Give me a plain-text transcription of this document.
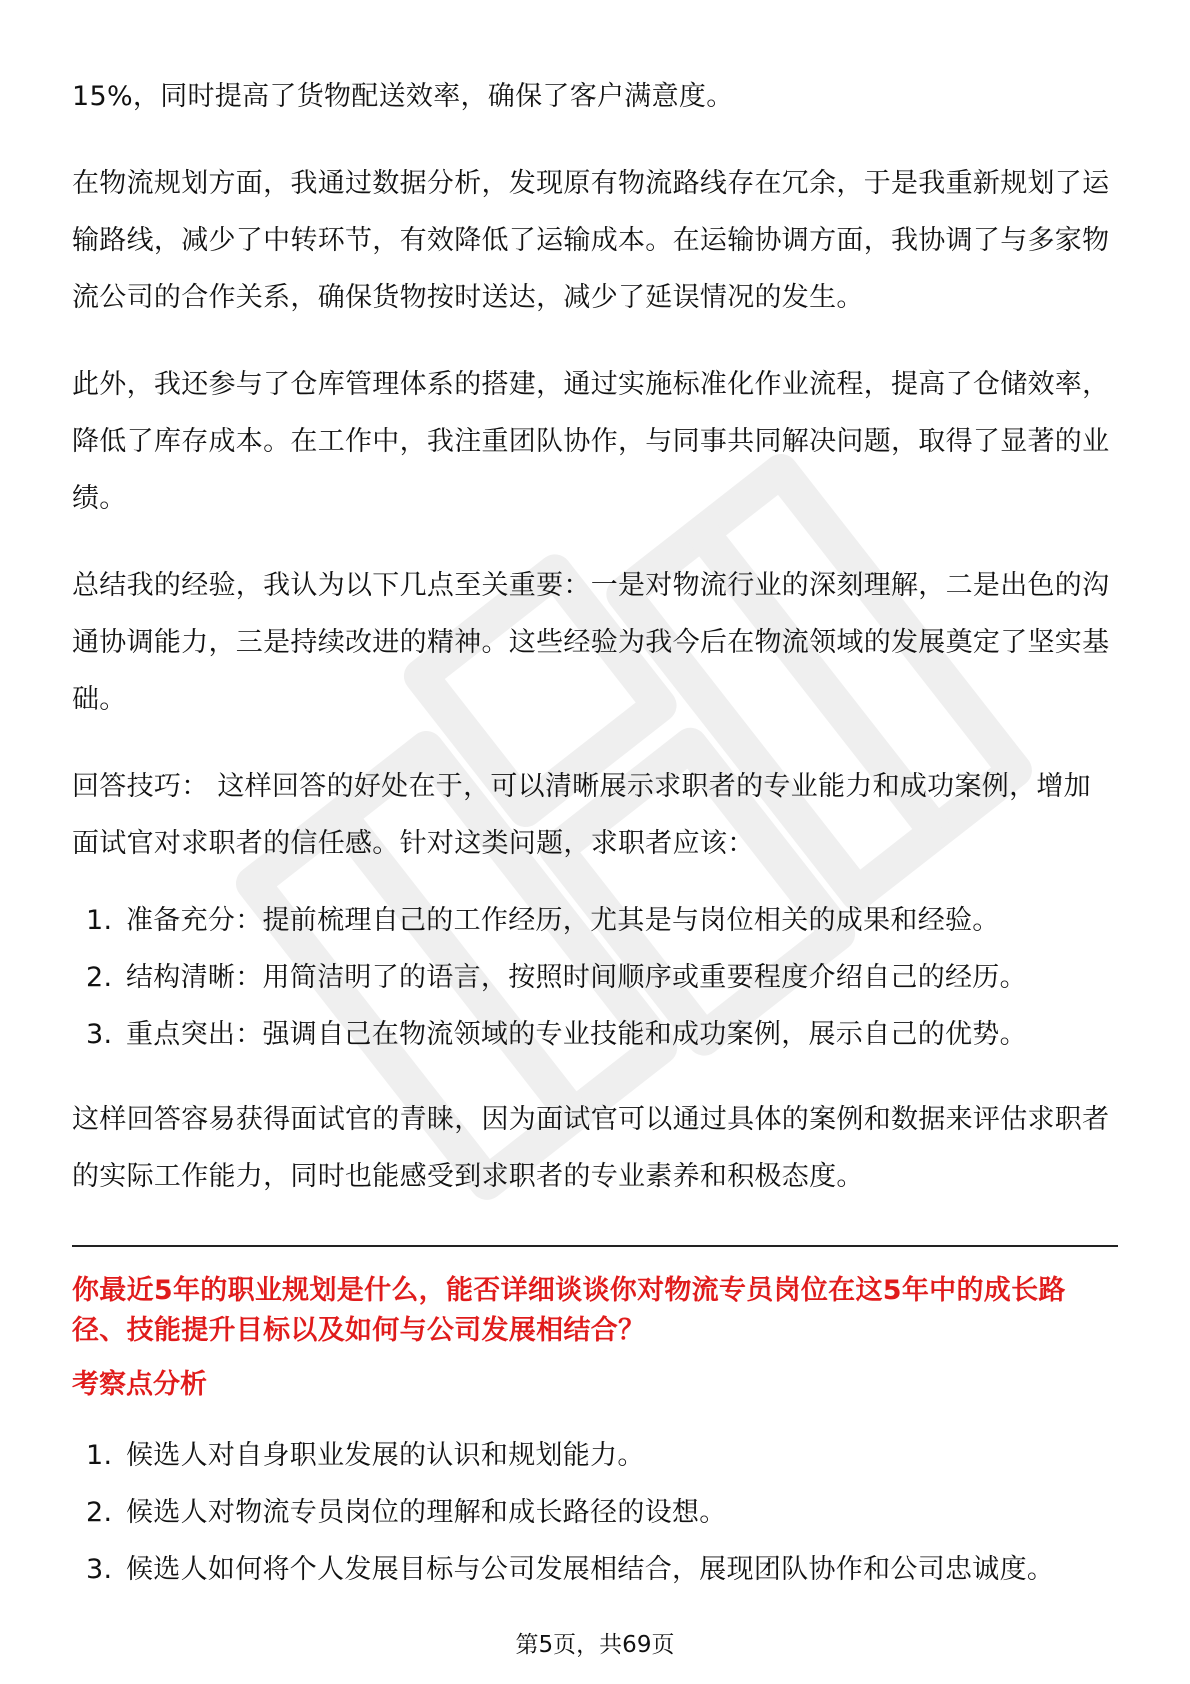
15%，同时提高了货物配送效率，确保了客户满意度。

在物流规划方面，我通过数据分析，发现原有物流路线存在冗余，于是我重新规划了运输路线，减少了中转环节，有效降低了运输成本。在运输协调方面，我协调了与多家物流公司的合作关系，确保货物按时送达，减少了延误情况的发生。

此外，我还参与了仓库管理体系的搭建，通过实施标准化作业流程，提高了仓储效率，降低了库存成本。在工作中，我注重团队协作，与同事共同解决问题，取得了显著的业绩。

总结我的经验，我认为以下几点至关重要：一是对物流行业的深刻理解，二是出色的沟通协调能力，三是持续改进的精神。这些经验为我今后在物流领域的发展奠定了坚实基础。

回答技巧： 这样回答的好处在于，可以清晰展示求职者的专业能力和成功案例，增加面试官对求职者的信任感。针对这类问题，求职者应该：

1. 准备充分：提前梳理自己的工作经历，尤其是与岗位相关的成果和经验。
2. 结构清晰：用简洁明了的语言，按照时间顺序或重要程度介绍自己的经历。
3. 重点突出：强调自己在物流领域的专业技能和成功案例，展示自己的优势。

这样回答容易获得面试官的青睐，因为面试官可以通过具体的案例和数据来评估求职者的实际工作能力，同时也能感受到求职者的专业素养和积极态度。

你最近5年的职业规划是什么，能否详细谈谈你对物流专员岗位在这5年中的成长路径、技能提升目标以及如何与公司发展相结合？
考察点分析
1. 候选人对自身职业发展的认识和规划能力。
2. 候选人对物流专员岗位的理解和成长路径的设想。
3. 候选人如何将个人发展目标与公司发展相结合，展现团队协作和公司忠诚度。
第5页，共69页
